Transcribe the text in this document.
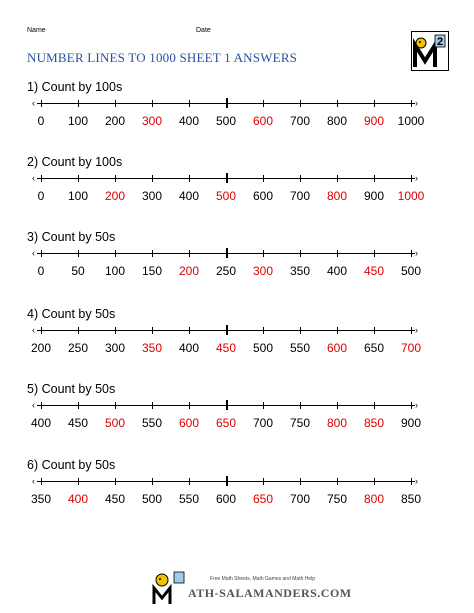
Name	Date
NUMBER LINES TO 1000 SHEET 1 ANSWERS
2
1) Count by 100s
‹	›
0 100 200 300 400 500 600 700 800 900 1000
2) Count by 100s
‹	›
0 100 200 300 400 500 600 700 800 900 1000
3) Count by 50s
‹	›
0 50 100 150 200 250 300 350 400 450 500
4) Count by 50s
‹	›
200 250 300 350 400 450 500 550 600 650 700
5) Count by 50s
‹	›
400 450 500 550 600 650 700 750 800 850 900
6) Count by 50s
‹	›
350 400 450 500 550 600 650 700 750 800 850
Free Math Sheets, Math Games and Math Help
ATH-SALAMANDERS.COM
